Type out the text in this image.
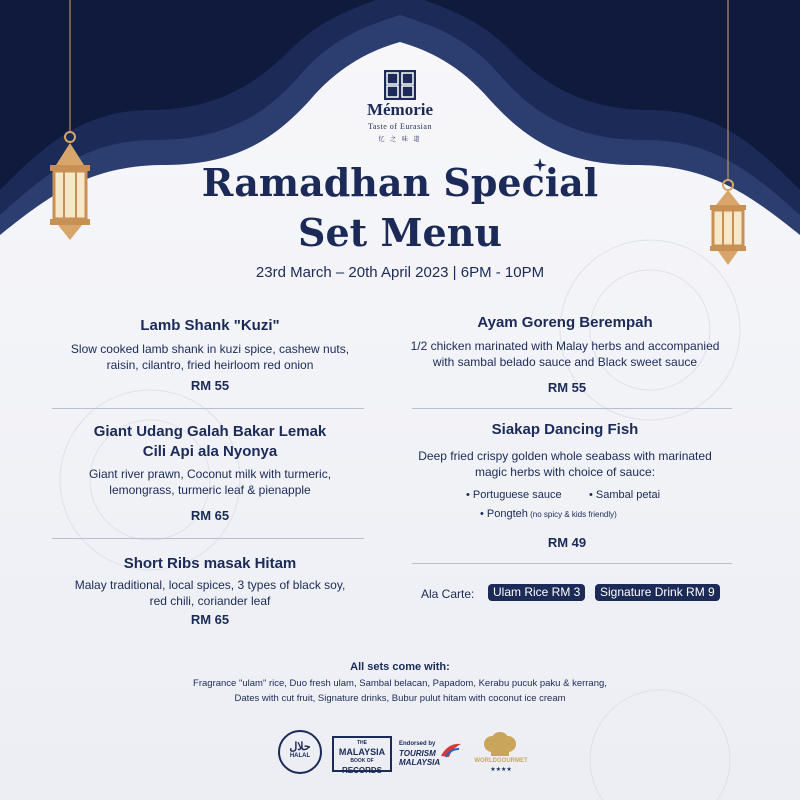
Mémorie
Taste of Eurasian
忆 之 味 道
Ramadhan Special
Set Menu
23rd March – 20th April 2023 | 6PM - 10PM
Lamb Shank "Kuzi"
Slow cooked lamb shank in kuzi spice, cashew nuts,
raisin, cilantro, fried heirloom red onion
RM 55
Giant Udang Galah Bakar Lemak
Cili Api ala Nyonya
Giant river prawn, Coconut milk with turmeric,
lemongrass, turmeric leaf & pienapple
RM 65
Short Ribs masak Hitam
Malay traditional, local spices, 3 types of black soy,
red chili, coriander leaf
RM 65
Ayam Goreng Berempah
1/2 chicken marinated with Malay herbs and accompanied
with sambal belado sauce and Black sweet sauce
RM 55
Siakap Dancing Fish
Deep fried crispy golden whole seabass with marinated
magic herbs with choice of sauce:
• Portuguese sauce • Sambal petai
• Pongteh (no spicy & kids friendly)
RM 49
Ala Carte:	Ulam Rice RM 3	Signature Drink RM 9
All sets come with:
Fragrance "ulam" rice, Duo fresh ulam, Sambal belacan, Papadom, Kerabu pucuk paku & kerrang,
Dates with cut fruit, Signature drinks, Bubur pulut hitam with coconut ice cream
حلال
HALAL
THE
MALAYSIA
BOOK OF
RECORDS
Endorsed by
TOURISM
MALAYSIA	WORLDGOURMET
★★★★
